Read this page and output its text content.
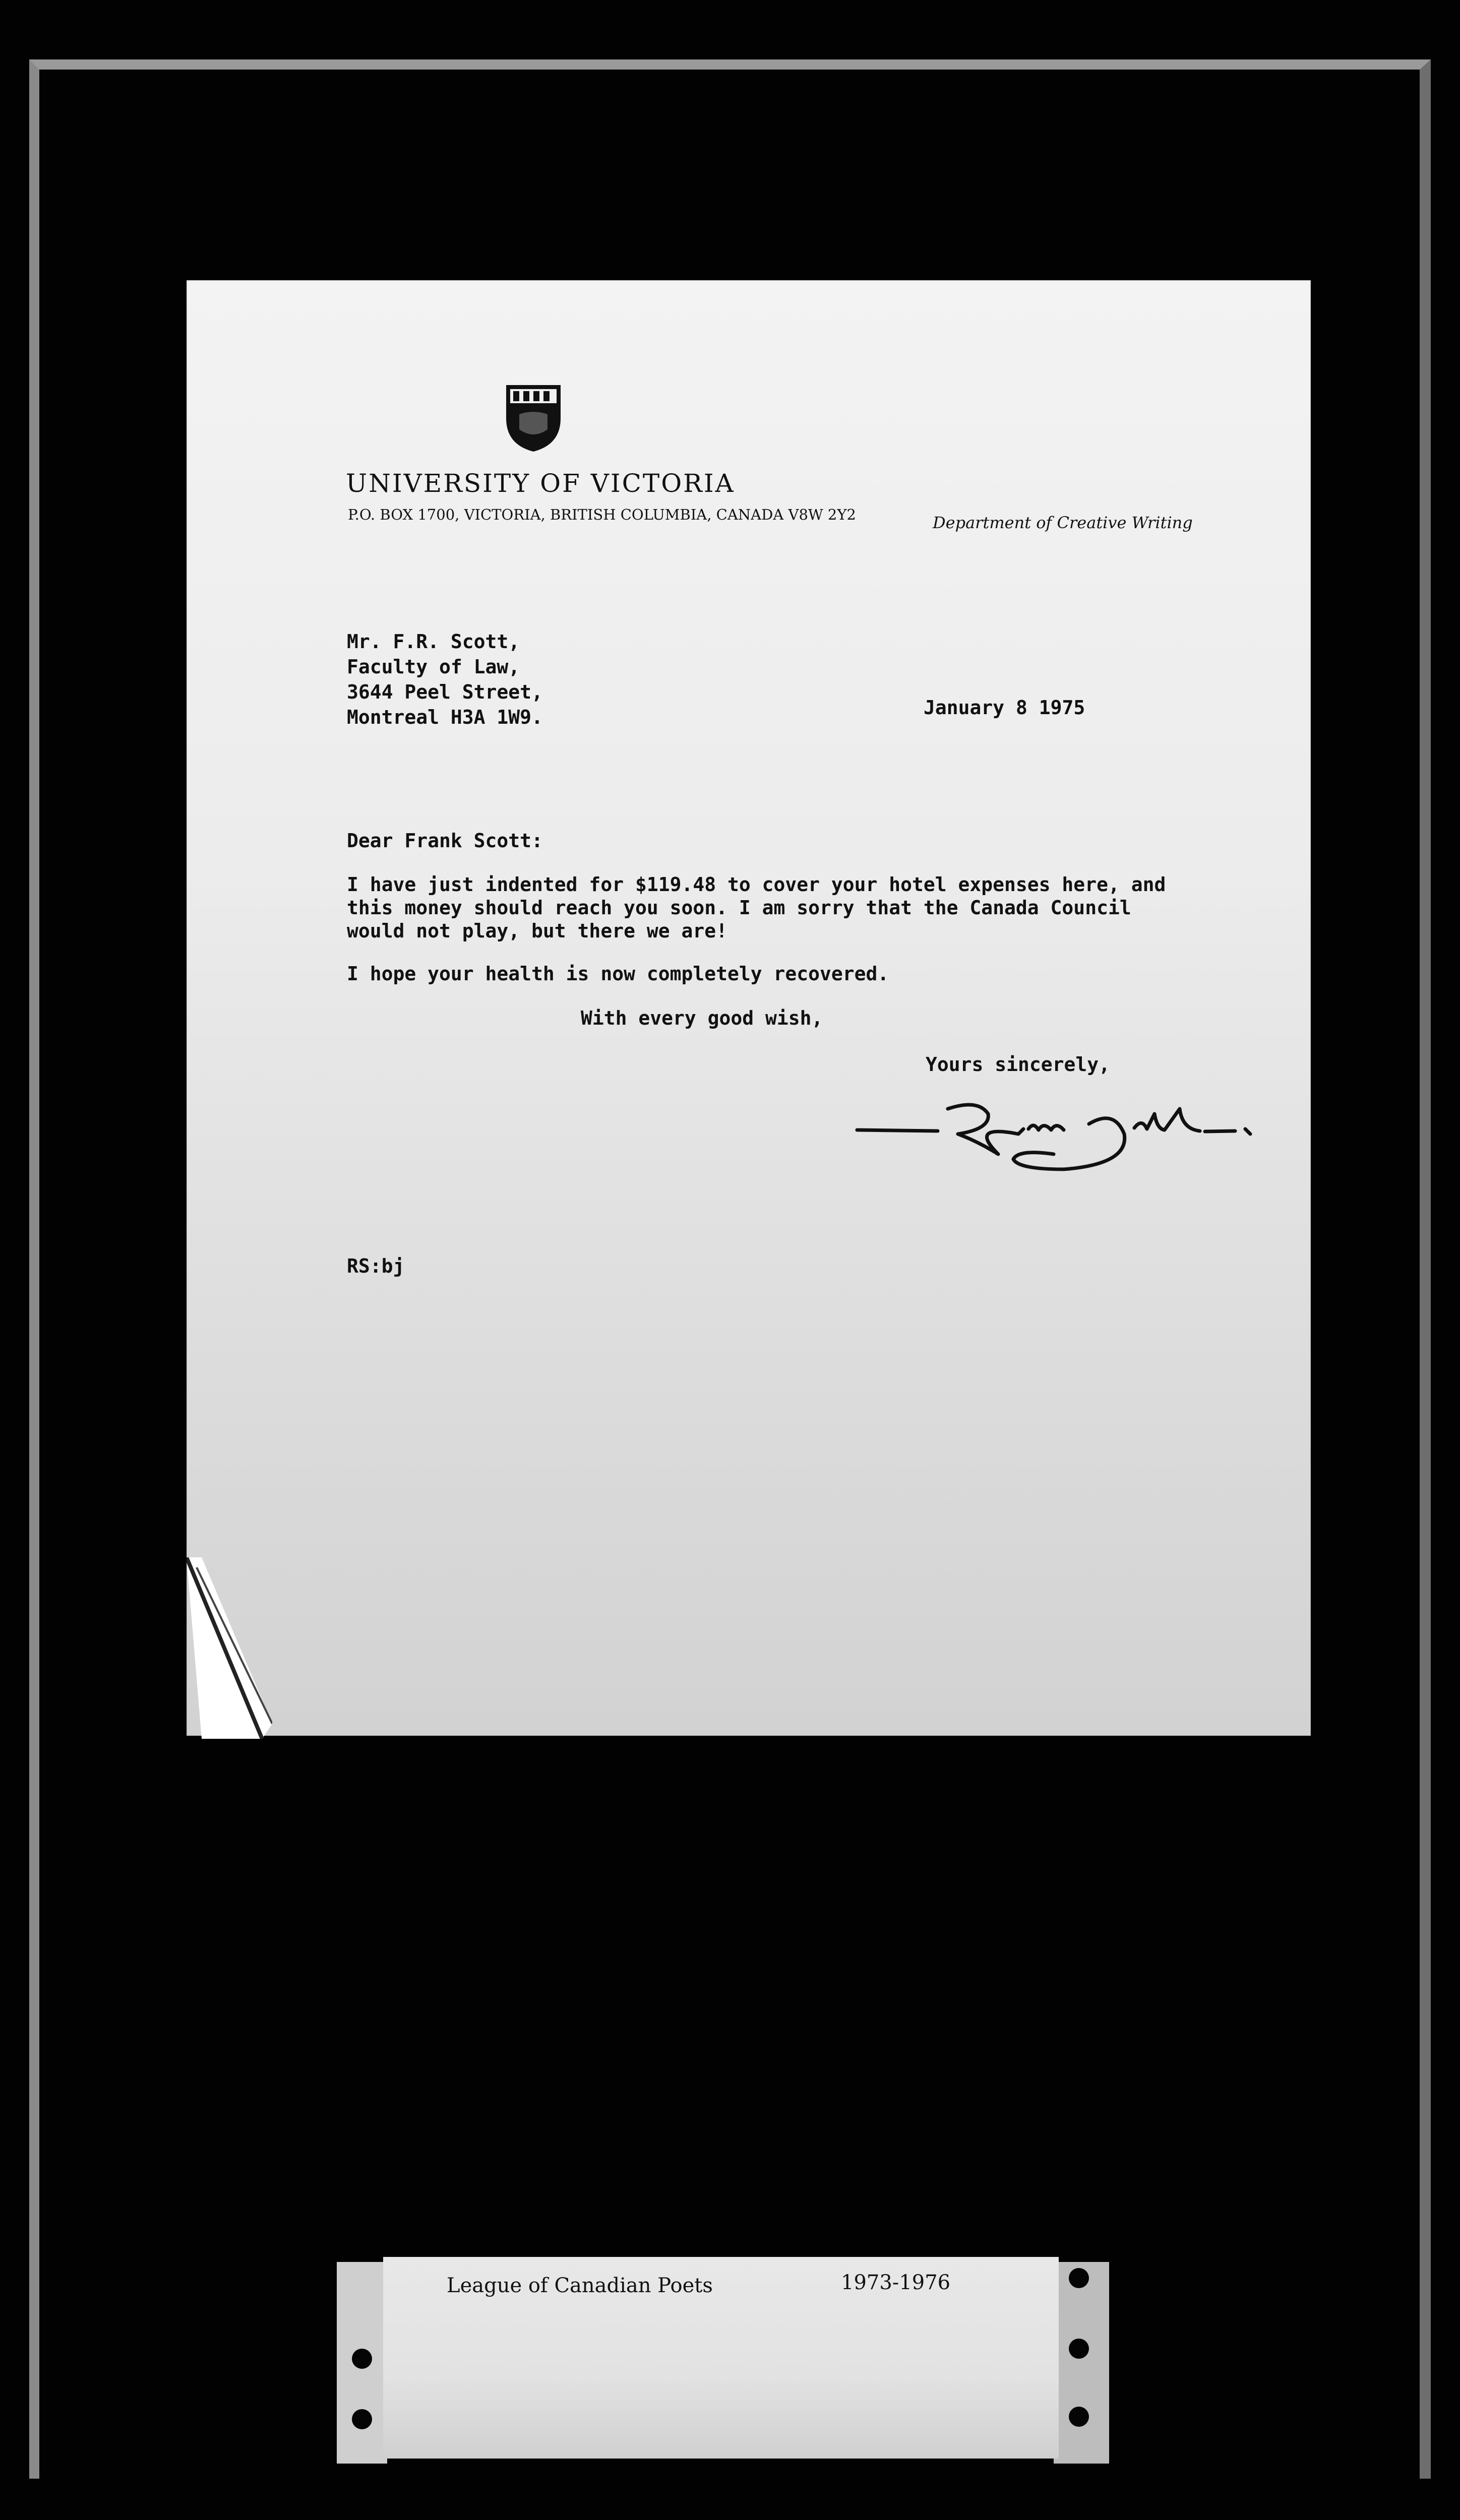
UNIVERSITY OF VICTORIA
P.O. BOX 1700, VICTORIA, BRITISH COLUMBIA, CANADA V8W 2Y2	Department of Creative Writing
Mr. F.R. Scott,
Faculty of Law,
3644 Peel Street,
Montreal H3A 1W9.	January 8 1975
Dear Frank Scott:
I have just indented for $119.48 to cover your hotel expenses here, and
this money should reach you soon. I am sorry that the Canada Council
would not play, but there we are!
I hope your health is now completely recovered.
With every good wish,
Yours sincerely,
RS:bj
League of Canadian Poets	1973-1976
